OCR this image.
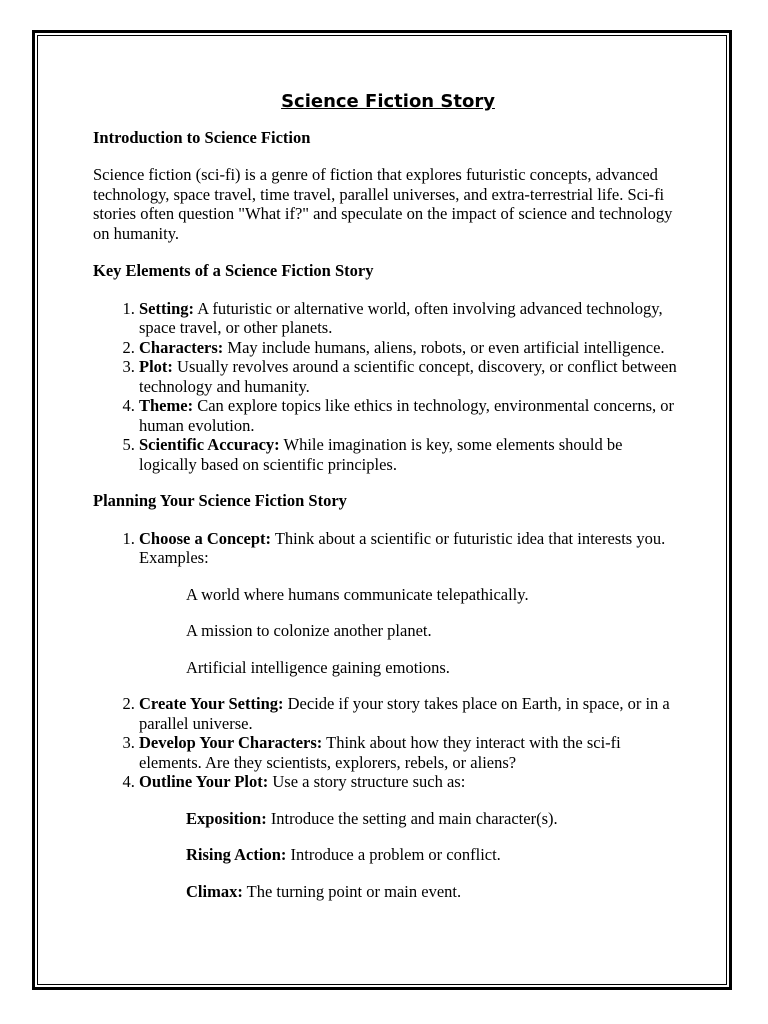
Science Fiction Story
Introduction to Science Fiction

Science fiction (sci-fi) is a genre of fiction that explores futuristic concepts, advanced technology, space travel, time travel, parallel universes, and extra-terrestrial life. Sci-fi stories often question "What if?" and speculate on the impact of science and technology on humanity.

Key Elements of a Science Fiction Story
1. Setting: A futuristic or alternative world, often involving advanced technology, space travel, or other planets.
2. Characters: May include humans, aliens, robots, or even artificial intelligence.
3. Plot: Usually revolves around a scientific concept, discovery, or conflict between technology and humanity.
4. Theme: Can explore topics like ethics in technology, environmental concerns, or human evolution.
5. Scientific Accuracy: While imagination is key, some elements should be logically based on scientific principles.
Planning Your Science Fiction Story
1. Choose a Concept: Think about a scientific or futuristic idea that interests you. Examples:

A world where humans communicate telepathically.

A mission to colonize another planet.

Artificial intelligence gaining emotions.

2. Create Your Setting: Decide if your story takes place on Earth, in space, or in a parallel universe.
3. Develop Your Characters: Think about how they interact with the sci-fi elements. Are they scientists, explorers, rebels, or aliens?
4. Outline Your Plot: Use a story structure such as:

Exposition: Introduce the setting and main character(s).

Rising Action: Introduce a problem or conflict.

Climax: The turning point or main event.
